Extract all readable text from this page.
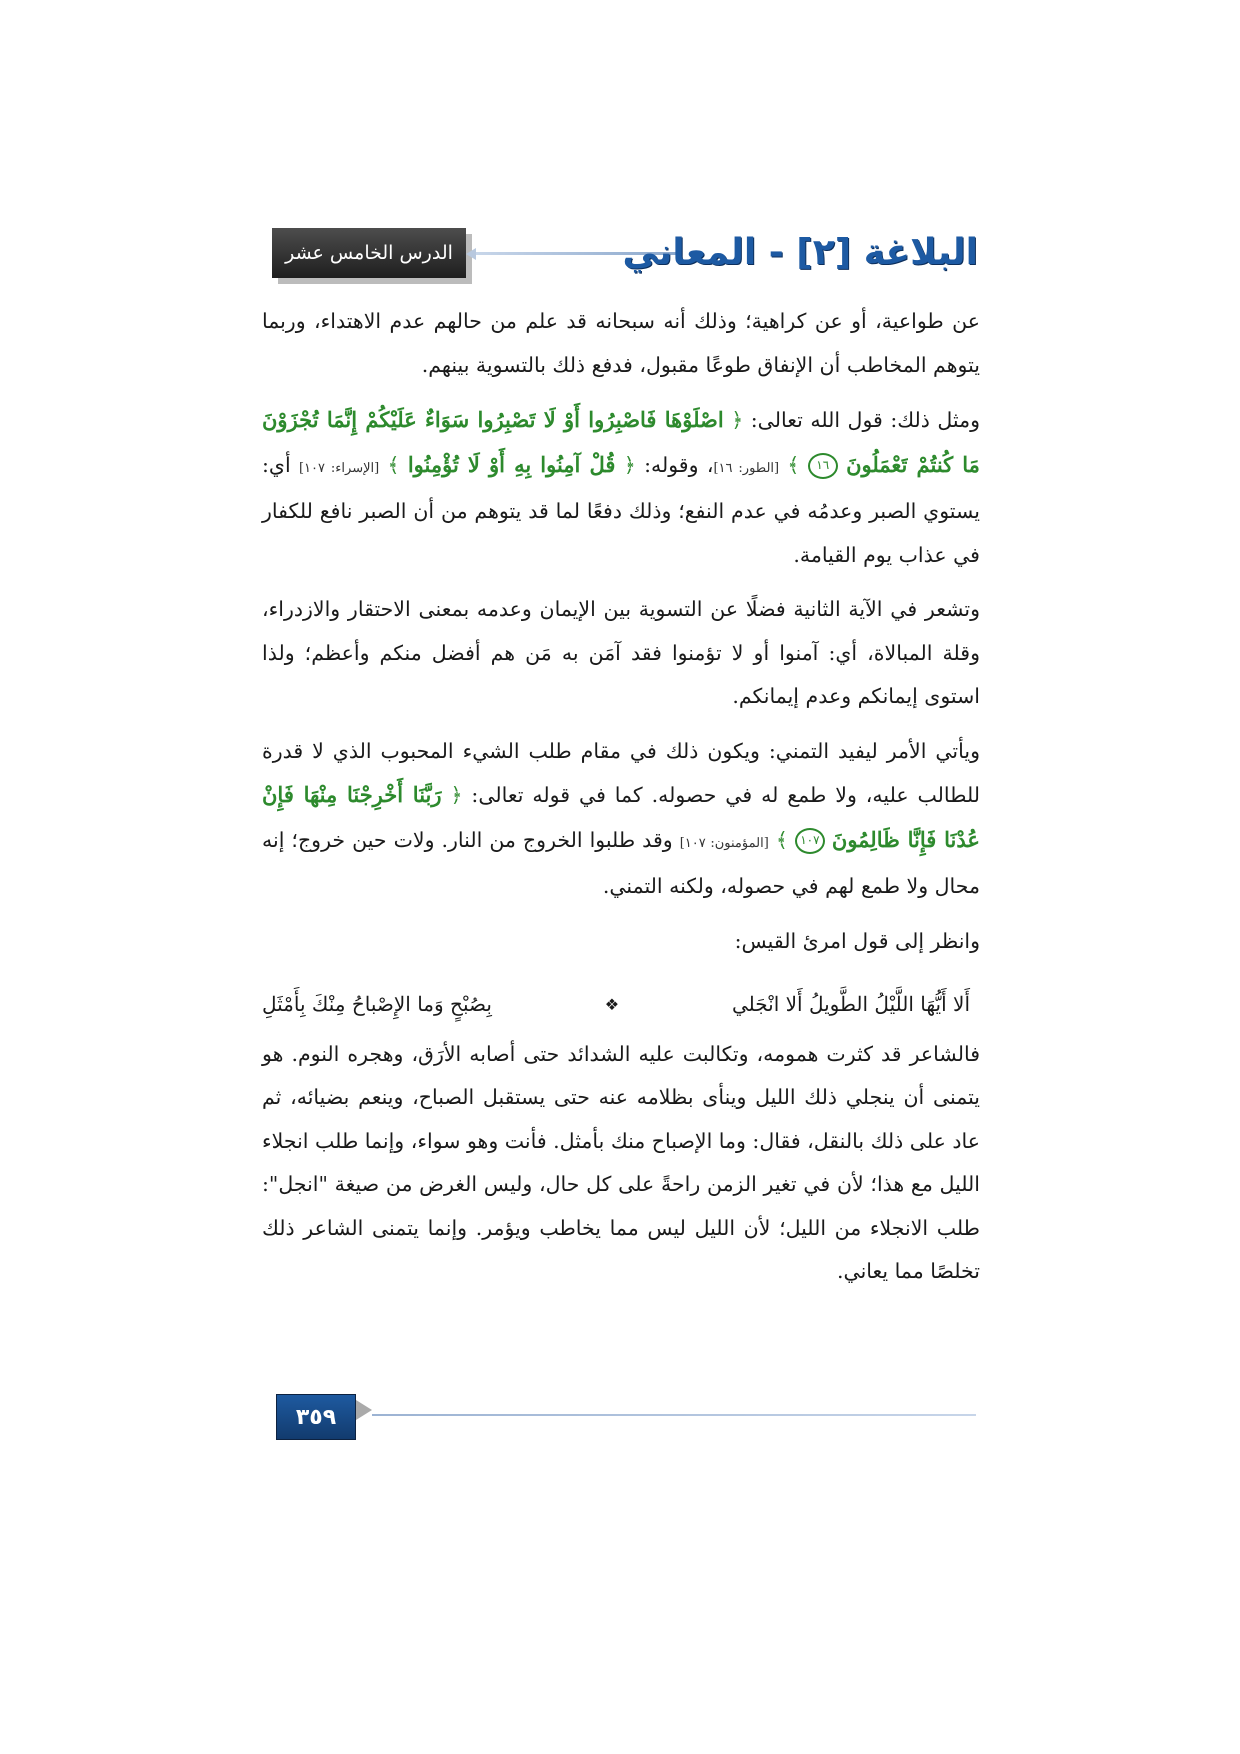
الدرس الخامس عشر	البلاغة [٢] - المعاني

عن طواعية، أو عن كراهية؛ وذلك أنه سبحانه قد علم من حالهم عدم الاهتداء، وربما يتوهم المخاطب أن الإنفاق طوعًا مقبول، فدفع ذلك بالتسوية بينهم.

ومثل ذلك: قول الله تعالى: ﴿ اصْلَوْهَا فَاصْبِرُوا أَوْ لَا تَصْبِرُوا سَوَاءٌ عَلَيْكُمْ إِنَّمَا تُجْزَوْنَ مَا كُنتُمْ تَعْمَلُونَ ١٦ ﴾ [الطور: ١٦]، وقوله: ﴿ قُلْ آمِنُوا بِهِ أَوْ لَا تُؤْمِنُوا ﴾ [الإسراء: ١٠٧] أي: يستوي الصبر وعدمُه في عدم النفع؛ وذلك دفعًا لما قد يتوهم من أن الصبر نافع للكفار في عذاب يوم القيامة.

وتشعر في الآية الثانية فضلًا عن التسوية بين الإيمان وعدمه بمعنى الاحتقار والازدراء، وقلة المبالاة، أي: آمنوا أو لا تؤمنوا فقد آمَن به مَن هم أفضل منكم وأعظم؛ ولذا استوى إيمانكم وعدم إيمانكم.

ويأتي الأمر ليفيد التمني: ويكون ذلك في مقام طلب الشيء المحبوب الذي لا قدرة للطالب عليه، ولا طمع له في حصوله. كما في قوله تعالى: ﴿ رَبَّنَا أَخْرِجْنَا مِنْهَا فَإِنْ عُدْنَا فَإِنَّا ظَالِمُونَ ١٠٧ ﴾ [المؤمنون: ١٠٧] وقد طلبوا الخروج من النار. ولات حين خروج؛ إنه محال ولا طمع لهم في حصوله، ولكنه التمني.

وانظر إلى قول امرئ القيس:

أَلا أَيُّهَا اللَّيْلُ الطَّويلُ أَلا انْجَلي
❖
بِصُبْحٍ وَما الإِصْباحُ مِنْكَ بِأَمْثَلِ

فالشاعر قد كثرت همومه، وتكالبت عليه الشدائد حتى أصابه الأرَق، وهجره النوم. هو يتمنى أن ينجلي ذلك الليل وينأى بظلامه عنه حتى يستقبل الصباح، وينعم بضيائه، ثم عاد على ذلك بالنقل، فقال: وما الإصباح منك بأمثل. فأنت وهو سواء، وإنما طلب انجلاء الليل مع هذا؛ لأن في تغير الزمن راحةً على كل حال، وليس الغرض من صيغة "انجل": طلب الانجلاء من الليل؛ لأن الليل ليس مما يخاطب ويؤمر. وإنما يتمنى الشاعر ذلك تخلصًا مما يعاني.

٣٥٩
